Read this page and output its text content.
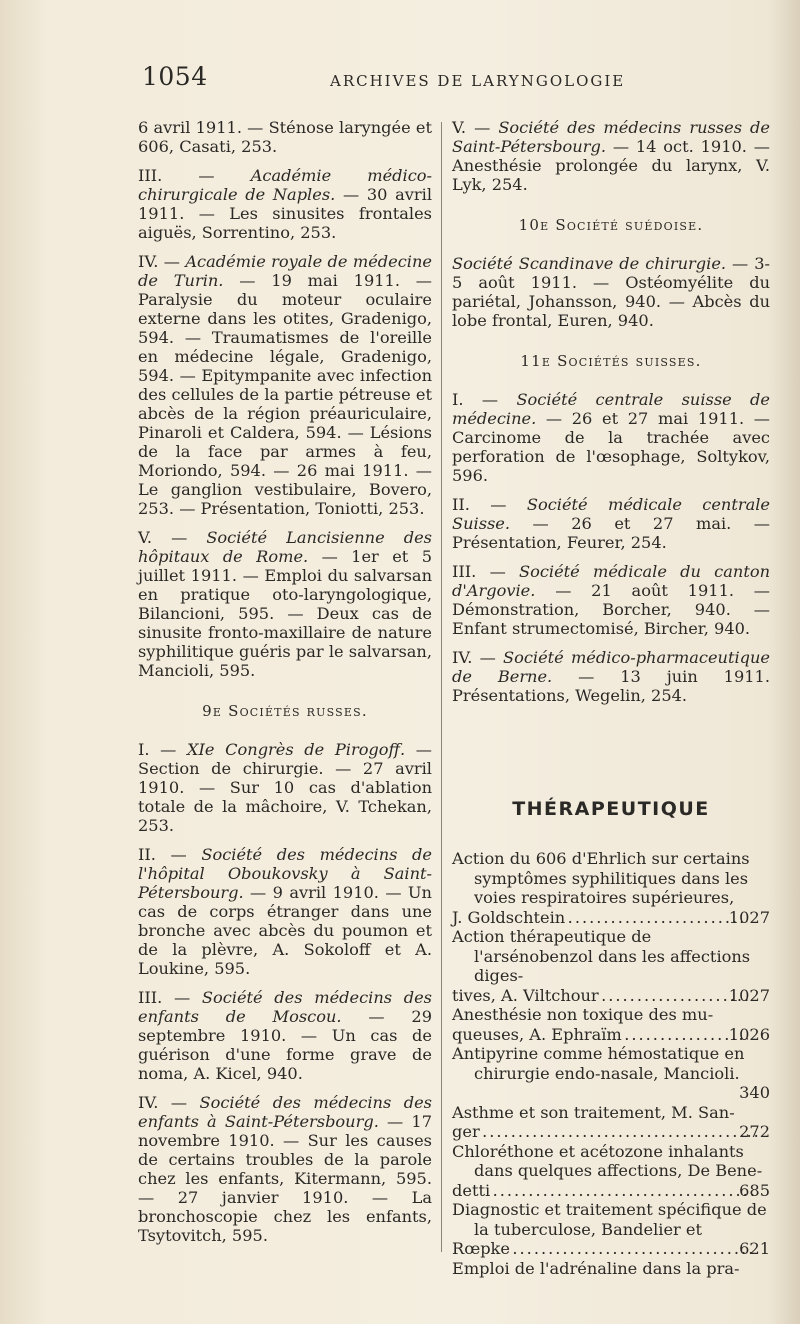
1054	ARCHIVES DE LARYNGOLOGIE

6 avril 1911. — Sténose laryngée et 606, Casati, 253.

III. — Académie médico-chirurgicale de Naples. — 30 avril 1911. — Les sinusites frontales aiguës, Sorrentino, 253.

IV. — Académie royale de médecine de Turin. — 19 mai 1911. — Paralysie du moteur oculaire externe dans les otites, Gradenigo, 594. — Traumatismes de l'oreille en médecine légale, Gradenigo, 594. — Epitympanite avec infection des cellules de la partie pétreuse et abcès de la région préauriculaire, Pinaroli et Caldera, 594. — Lésions de la face par armes à feu, Moriondo, 594. — 26 mai 1911. — Le ganglion vestibulaire, Bovero, 253. — Présentation, Toniotti, 253.

V. — Société Lancisienne des hôpitaux de Rome. — 1er et 5 juillet 1911. — Emploi du salvarsan en pratique oto-laryngologique, Bilancioni, 595. — Deux cas de sinusite fronto-maxillaire de nature syphilitique guéris par le salvarsan, Mancioli, 595.

9e Sociétés russes.

I. — XIe Congrès de Pirogoff. — Section de chirurgie. — 27 avril 1910. — Sur 10 cas d'ablation totale de la mâchoire, V. Tchekan, 253.

II. — Société des médecins de l'hôpital Oboukovsky à Saint-Pétersbourg. — 9 avril 1910. — Un cas de corps étranger dans une bronche avec abcès du poumon et de la plèvre, A. Sokoloff et A. Loukine, 595.

III. — Société des médecins des enfants de Moscou. — 29 septembre 1910. — Un cas de guérison d'une forme grave de noma, A. Kicel, 940.

IV. — Société des médecins des enfants à Saint-Pétersbourg. — 17 novembre 1910. — Sur les causes de certains troubles de la parole chez les enfants, Kitermann, 595. — 27 janvier 1910. — La bronchoscopie chez les enfants, Tsytovitch, 595.

V. — Société des médecins russes de Saint-Pétersbourg. — 14 oct. 1910. — Anesthésie prolongée du larynx, V. Lyk, 254.

10e Société suédoise.

Société Scandinave de chirurgie. — 3-5 août 1911. — Ostéomyélite du pariétal, Johansson, 940. — Abcès du lobe frontal, Euren, 940.

11e Sociétés suisses.

I. — Société centrale suisse de médecine. — 26 et 27 mai 1911. — Carcinome de la trachée avec perforation de l'œsophage, Soltykov, 596.

II. — Société médicale centrale Suisse. — 26 et 27 mai. — Présentation, Feurer, 254.

III. — Société médicale du canton d'Argovie. — 21 août 1911. — Démonstration, Borcher, 940. — Enfant strumectomisé, Bircher, 940.

IV. — Société médico-pharmaceutique de Berne. — 13 juin 1911. Présentations, Wegelin, 254.

THÉRAPEUTIQUE

Action du 606 d'Ehrlich sur certains symptômes syphilitiques dans les voies respiratoires supérieures,
J. Goldschtein .....	1027

Action thérapeutique de l'arsénobenzol dans les affections diges-
tives, A. Viltchour .....	1027

Anesthésie non toxique des mu-
queuses, A. Ephraïm .....	1026

Antipyrine comme hémostatique en chirurgie endo-nasale, Mancioli.
340

Asthme et son traitement, M. San-
ger .....	272

Chloréthone et acétozone inhalants dans quelques affections, De Bene-
detti .....	685

Diagnostic et traitement spécifique de la tuberculose, Bandelier et
Rœpke .....	621

Emploi de l'adrénaline dans la pra-
